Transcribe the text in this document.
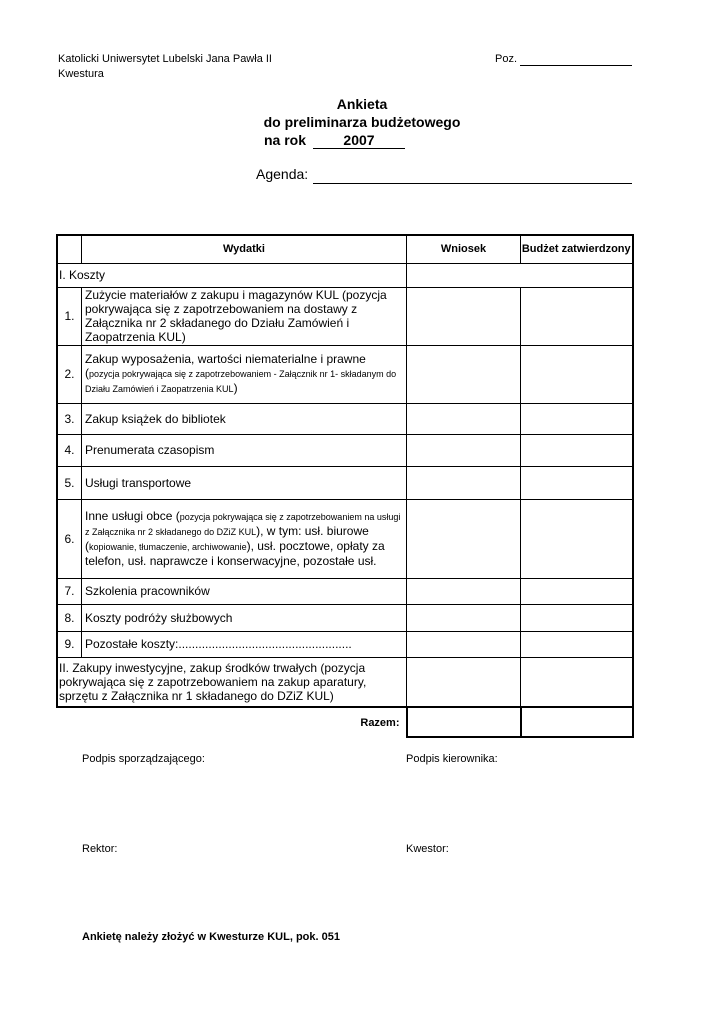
Katolicki Uniwersytet Lubelski Jana Pawła II
Kwestura
Poz.
Ankieta
do preliminarza budżetowego
na rok	2007
Agenda:
	Wydatki	Wniosek	Budżet zatwierdzony
I. Koszty			
1.	Zużycie materiałów z zakupu i magazynów KUL (pozycja pokrywająca się z zapotrzebowaniem na dostawy z Załącznika nr 2 składanego do Działu Zamówień i Zaopatrzenia KUL)		
2.	Zakup wyposażenia, wartości niematerialne i prawne (pozycja pokrywająca się z zapotrzebowaniem - Załącznik nr 1- składanym do Działu Zamówień i Zaopatrzenia KUL)		
3.	Zakup książek do bibliotek		
4.	Prenumerata czasopism		
5.	Usługi transportowe		
6.	Inne usługi obce (pozycja pokrywająca się z zapotrzebowaniem na usługi z Załącznika nr 2 składanego do DZiZ KUL), w tym: usł. biurowe (kopiowanie, tłumaczenie, archiwowanie), usł. pocztowe, opłaty za telefon, usł. naprawcze i konserwacyjne, pozostałe usł.		
7.	Szkolenia pracowników		
8.	Koszty podróży służbowych		
9.	Pozostałe koszty:....................................................		
II. Zakupy inwestycyjne, zakup środków trwałych (pozycja pokrywająca się z zapotrzebowaniem na zakup aparatury, sprzętu z Załącznika nr 1 składanego do DZiZ KUL)			
Razem:			
Podpis sporządzającego:	Podpis kierownika:
Rektor:	Kwestor:
Ankietę należy złożyć w Kwesturze KUL, pok. 051
